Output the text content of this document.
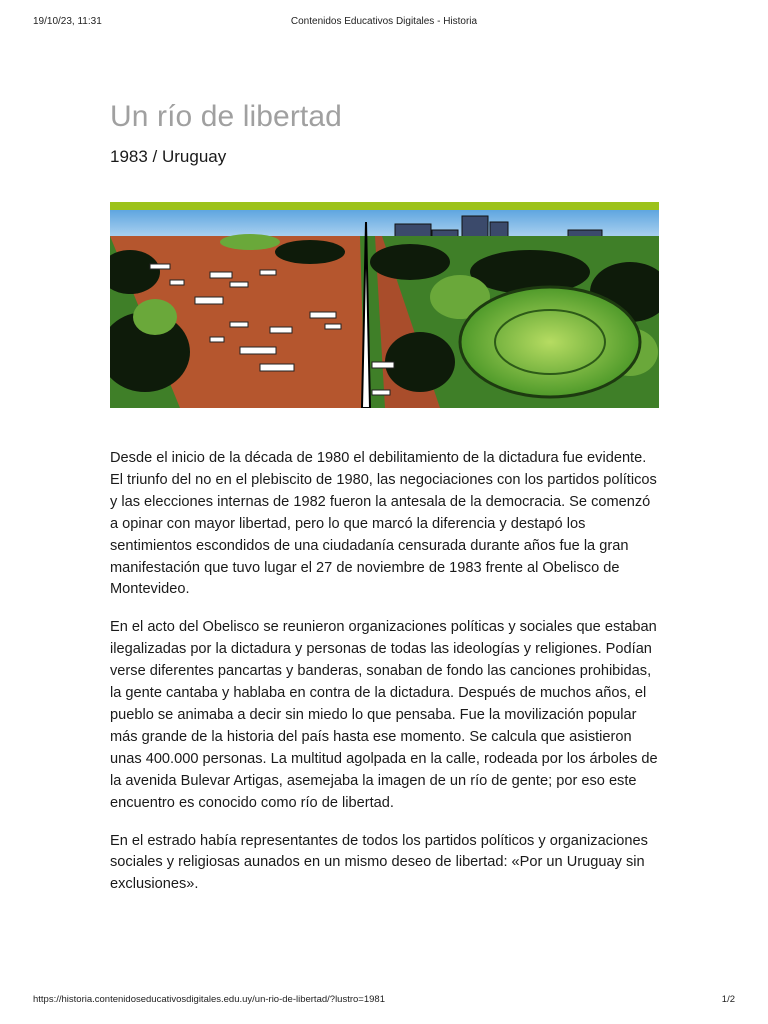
19/10/23, 11:31	Contenidos Educativos Digitales - Historia
Un río de libertad
1983 / Uruguay

Desde el inicio de la década de 1980 el debilitamiento de la dictadura fue evidente. El triunfo del no en el plebiscito de 1980, las negociaciones con los partidos políticos y las elecciones internas de 1982 fueron la antesala de la democracia. Se comenzó a opinar con mayor libertad, pero lo que marcó la diferencia y destapó los sentimientos escondidos de una ciudadanía censurada durante años fue la gran manifestación que tuvo lugar el 27 de noviembre de 1983 frente al Obelisco de Montevideo.

En el acto del Obelisco se reunieron organizaciones políticas y sociales que estaban ilegalizadas por la dictadura y personas de todas las ideologías y religiones. Podían verse diferentes pancartas y banderas, sonaban de fondo las canciones prohibidas, la gente cantaba y hablaba en contra de la dictadura. Después de muchos años, el pueblo se animaba a decir sin miedo lo que pensaba. Fue la movilización popular más grande de la historia del país hasta ese momento. Se calcula que asistieron unas 400.000 personas. La multitud agolpada en la calle, rodeada por los árboles de la avenida Bulevar Artigas, asemejaba la imagen de un río de gente; por eso este encuentro es conocido como río de libertad.

En el estrado había representantes de todos los partidos políticos y organizaciones sociales y religiosas aunados en un mismo deseo de libertad: «Por un Uruguay sin exclusiones».

https://historia.contenidoseducativosdigitales.edu.uy/un-rio-de-libertad/?lustro=1981	1/2
